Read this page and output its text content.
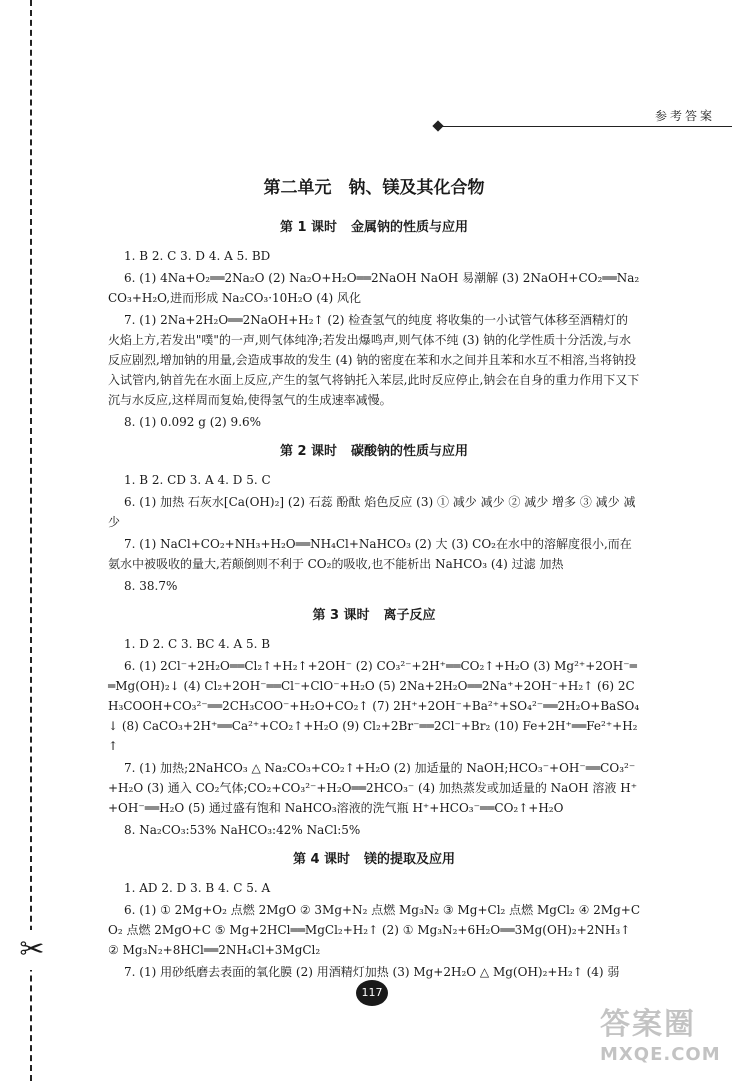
✂
参考答案
第二单元　钠、镁及其化合物
第 1 课时 金属钠的性质与应用

1. B 2. C 3. D 4. A 5. BD

6. (1) 4Na+O₂══2Na₂O (2) Na₂O+H₂O══2NaOH NaOH 易潮解 (3) 2NaOH+CO₂══Na₂CO₃+H₂O,进而形成 Na₂CO₃·10H₂O (4) 风化

7. (1) 2Na+2H₂O══2NaOH+H₂↑ (2) 检查氢气的纯度 将收集的一小试管气体移至酒精灯的火焰上方,若发出"噗"的一声,则气体纯净;若发出爆鸣声,则气体不纯 (3) 钠的化学性质十分活泼,与水反应剧烈,增加钠的用量,会造成事故的发生 (4) 钠的密度在苯和水之间并且苯和水互不相溶,当将钠投入试管内,钠首先在水面上反应,产生的氢气将钠托入苯层,此时反应停止,钠会在自身的重力作用下又下沉与水反应,这样周而复始,使得氢气的生成速率减慢。

8. (1) 0.092 g (2) 9.6%

第 2 课时 碳酸钠的性质与应用

1. B 2. CD 3. A 4. D 5. C

6. (1) 加热 石灰水[Ca(OH)₂] (2) 石蕊 酚酞 焰色反应 (3) ① 减少 减少 ② 减少 增多 ③ 减少 减少

7. (1) NaCl+CO₂+NH₃+H₂O══NH₄Cl+NaHCO₃ (2) 大 (3) CO₂在水中的溶解度很小,而在氨水中被吸收的量大,若颠倒则不利于 CO₂的吸收,也不能析出 NaHCO₃ (4) 过滤 加热

8. 38.7%

第 3 课时 离子反应

1. D 2. C 3. BC 4. A 5. B

6. (1) 2Cl⁻+2H₂O══Cl₂↑+H₂↑+2OH⁻ (2) CO₃²⁻+2H⁺══CO₂↑+H₂O (3) Mg²⁺+2OH⁻══Mg(OH)₂↓ (4) Cl₂+2OH⁻══Cl⁻+ClO⁻+H₂O (5) 2Na+2H₂O══2Na⁺+2OH⁻+H₂↑ (6) 2CH₃COOH+CO₃²⁻══2CH₃COO⁻+H₂O+CO₂↑ (7) 2H⁺+2OH⁻+Ba²⁺+SO₄²⁻══2H₂O+BaSO₄↓ (8) CaCO₃+2H⁺══Ca²⁺+CO₂↑+H₂O (9) Cl₂+2Br⁻══2Cl⁻+Br₂ (10) Fe+2H⁺══Fe²⁺+H₂↑

7. (1) 加热;2NaHCO₃ △ Na₂CO₃+CO₂↑+H₂O (2) 加适量的 NaOH;HCO₃⁻+OH⁻══CO₃²⁻+H₂O (3) 通入 CO₂气体;CO₂+CO₃²⁻+H₂O══2HCO₃⁻ (4) 加热蒸发或加适量的 NaOH 溶液 H⁺+OH⁻══H₂O (5) 通过盛有饱和 NaHCO₃溶液的洗气瓶 H⁺+HCO₃⁻══CO₂↑+H₂O

8. Na₂CO₃:53% NaHCO₃:42% NaCl:5%

第 4 课时 镁的提取及应用

1. AD 2. D 3. B 4. C 5. A

6. (1) ① 2Mg+O₂ 点燃 2MgO ② 3Mg+N₂ 点燃 Mg₃N₂ ③ Mg+Cl₂ 点燃 MgCl₂ ④ 2Mg+CO₂ 点燃 2MgO+C ⑤ Mg+2HCl══MgCl₂+H₂↑ (2) ① Mg₃N₂+6H₂O══3Mg(OH)₂+2NH₃↑ ② Mg₃N₂+8HCl══2NH₄Cl+3MgCl₂

7. (1) 用砂纸磨去表面的氧化膜 (2) 用酒精灯加热 (3) Mg+2H₂O △ Mg(OH)₂+H₂↑ (4) 弱

117
答案圈
MXQE.COM
